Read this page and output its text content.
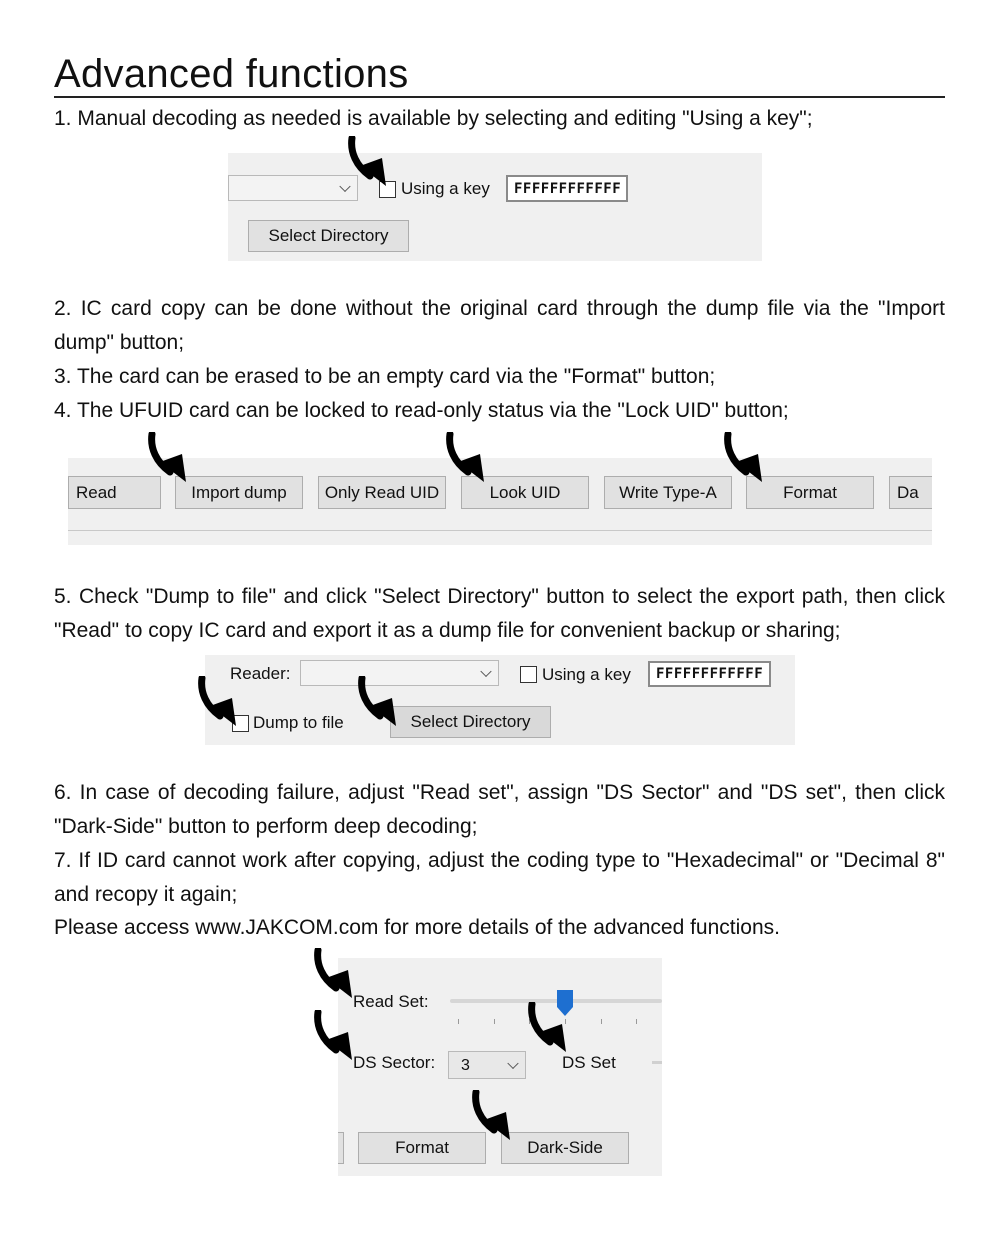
Advanced functions
1. Manual decoding as needed is available by selecting and editing "Using a key";
Using a key	FFFFFFFFFFFF
Select Directory
2. IC card copy can be done without the original card through the dump file via the "Import dump" button;
3. The card can be erased to be an empty card via the "Format" button;
4. The UFUID card can be locked to read-only status via the "Lock UID" button;
Read	Import dump	Only Read UID	Look UID	Write Type-A	Format	Da
5. Check "Dump to file" and click "Select Directory" button to select the export path, then click "Read" to copy IC card and export it as a dump file for convenient backup or sharing;
Reader:	Using a key	FFFFFFFFFFFF
Dump to file	Select Directory
6. In case of decoding failure, adjust "Read set", assign "DS Sector" and "DS set", then click "Dark-Side" button to perform deep decoding;
7. If ID card cannot work after copying, adjust the coding type to "Hexadecimal" or "Decimal 8" and recopy it again;
Please access www.JAKCOM.com for more details of the advanced functions.
Read Set:
DS Sector: 3	DS Set
Format	Dark-Side
